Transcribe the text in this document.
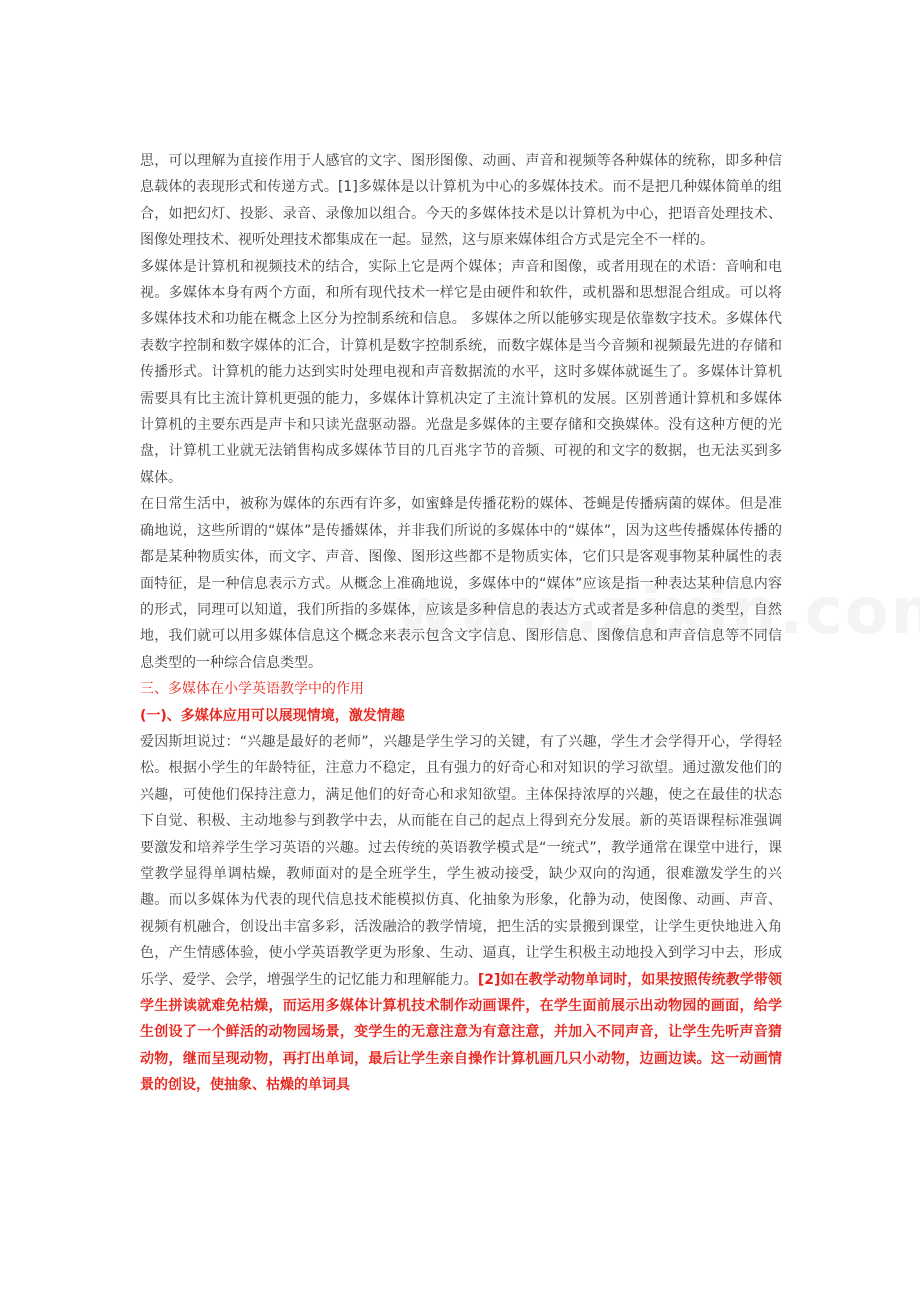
思，可以理解为直接作用于人感官的文字、图形图像、动画、声音和视频等各种媒体的统称，即多种信息载体的表现形式和传递方式。[1]多媒体是以计算机为中心的多媒体技术。而不是把几种媒体简单的组合，如把幻灯、投影、录音、录像加以组合。今天的多媒体技术是以计算机为中心，把语音处理技术、图像处理技术、视听处理技术都集成在一起。显然，这与原来媒体组合方式是完全不一样的。

多媒体是计算机和视频技术的结合，实际上它是两个媒体；声音和图像，或者用现在的术语：音响和电视。多媒体本身有两个方面，和所有现代技术一样它是由硬件和软件，或机器和思想混合组成。可以将多媒体技术和功能在概念上区分为控制系统和信息。 多媒体之所以能够实现是依靠数字技术。多媒体代表数字控制和数字媒体的汇合，计算机是数字控制系统，而数字媒体是当今音频和视频最先进的存储和传播形式。计算机的能力达到实时处理电视和声音数据流的水平，这时多媒体就诞生了。多媒体计算机需要具有比主流计算机更强的能力，多媒体计算机决定了主流计算机的发展。区别普通计算机和多媒体计算机的主要东西是声卡和只读光盘驱动器。光盘是多媒体的主要存储和交换媒体。没有这种方便的光盘，计算机工业就无法销售构成多媒体节目的几百兆字节的音频、可视的和文字的数据，也无法买到多媒体。

在日常生活中，被称为媒体的东西有许多，如蜜蜂是传播花粉的媒体、苍蝇是传播病菌的媒体。但是准确地说，这些所谓的“媒体”是传播媒体，并非我们所说的多媒体中的“媒体”，因为这些传播媒体传播的都是某种物质实体，而文字、声音、图像、图形这些都不是物质实体，它们只是客观事物某种属性的表面特征，是一种信息表示方式。从概念上准确地说，多媒体中的“媒体”应该是指一种表达某种信息内容的形式，同理可以知道，我们所指的多媒体，应该是多种信息的表达方式或者是多种信息的类型，自然地，我们就可以用多媒体信息这个概念来表示包含文字信息、图形信息、图像信息和声音信息等不同信息类型的一种综合信息类型。

三、多媒体在小学英语教学中的作用

(一)、多媒体应用可以展现情境，激发情趣

爱因斯坦说过：“兴趣是最好的老师”，兴趣是学生学习的关键，有了兴趣，学生才会学得开心，学得轻松。根据小学生的年龄特征，注意力不稳定，且有强力的好奇心和对知识的学习欲望。通过激发他们的兴趣，可使他们保持注意力，满足他们的好奇心和求知欲望。主体保持浓厚的兴趣，使之在最佳的状态下自觉、积极、主动地参与到教学中去，从而能在自己的起点上得到充分发展。新的英语课程标准强调要激发和培养学生学习英语的兴趣。过去传统的英语教学模式是“一统式”，教学通常在课堂中进行，课堂教学显得单调枯燥，教师面对的是全班学生，学生被动接受，缺少双向的沟通，很难激发学生的兴趣。而以多媒体为代表的现代信息技术能模拟仿真、化抽象为形象，化静为动，使图像、动画、声音、视频有机融合，创设出丰富多彩，活泼融洽的教学情境，把生活的实景搬到课堂，让学生更快地进入角色，产生情感体验，使小学英语教学更为形象、生动、逼真，让学生积极主动地投入到学习中去，形成乐学、爱学、会学，增强学生的记忆能力和理解能力。[2]如在教学动物单词时，如果按照传统教学带领学生拼读就难免枯燥，而运用多媒体计算机技术制作动画课件，在学生面前展示出动物园的画面，给学生创设了一个鲜活的动物园场景，变学生的无意注意为有意注意，并加入不同声音，让学生先听声音猜动物，继而呈现动物，再打出单词，最后让学生亲自操作计算机画几只小动物，边画边读。这一动画情景的创设，使抽象、枯燥的单词具
